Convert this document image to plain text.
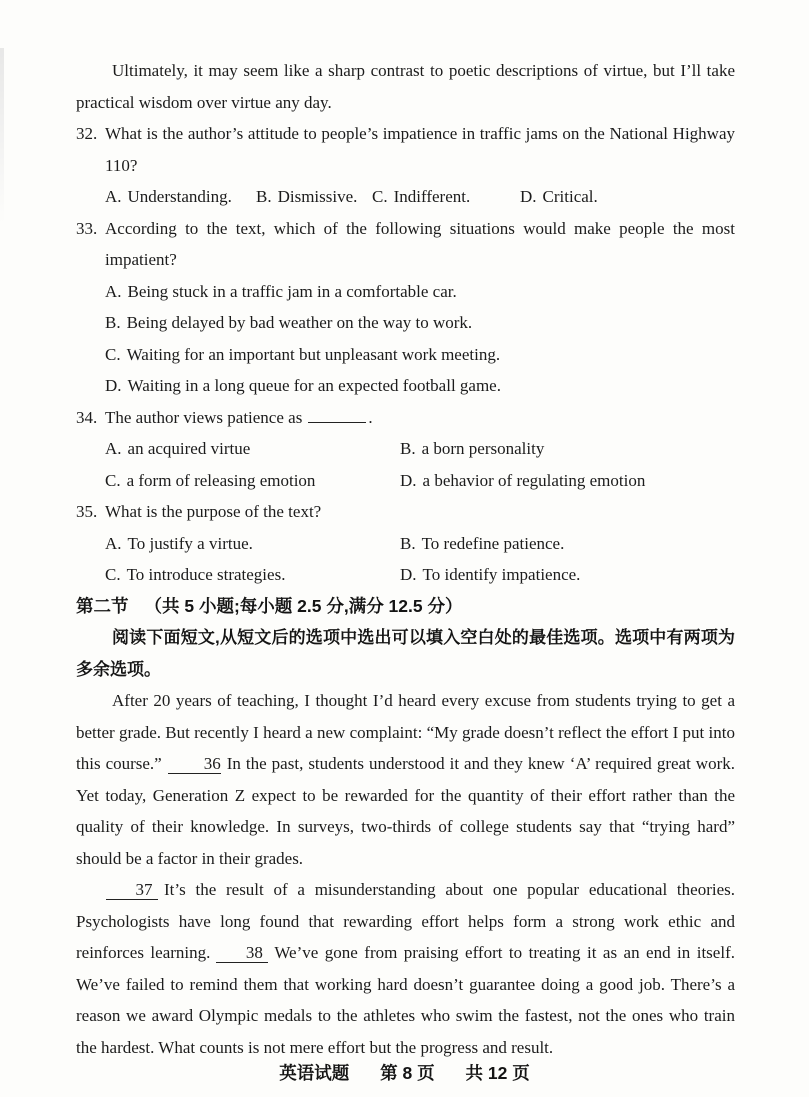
Ultimately, it may seem like a sharp contrast to poetic descriptions of virtue, but I’ll take practical wisdom over virtue any day.

32. What is the author’s attitude to people’s impatience in traffic jams on the National Highway 110?

A. Understanding.	B. Dismissive. C. Indifferent.	D. Critical.

33. According to the text, which of the following situations would make people the most impatient?

A. Being stuck in a traffic jam in a comfortable car.

B. Being delayed by bad weather on the way to work.

C. Waiting for an important but unpleasant work meeting.

D. Waiting in a long queue for an expected football game.

34. The author views patience as	.

A. an acquired virtue	B. a born personality
C. a form of releasing emotion	D. a behavior of regulating emotion

35. What is the purpose of the text?

A. To justify a virtue.	B. To redefine patience.
C. To introduce strategies.	D. To identify impatience.

第二节 （共 5 小题;每小题 2.5 分,满分 12.5 分）

阅读下面短文,从短文后的选项中选出可以填入空白处的最佳选项。选项中有两项为多余选项。

After 20 years of teaching, I thought I’d heard every excuse from students trying to get a better grade. But recently I heard a new complaint: “My grade doesn’t reflect the effort I put into this course.” 36 In the past, students understood it and they knew ‘A’ required great work. Yet today, Generation Z expect to be rewarded for the quantity of their effort rather than the quality of their knowledge. In surveys, two-thirds of college students say that “trying hard” should be a factor in their grades.

37 It’s the result of a misunderstanding about one popular educational theories. Psychologists have long found that rewarding effort helps form a strong work ethic and reinforces learning. 38 We’ve gone from praising effort to treating it as an end in itself. We’ve failed to remind them that working hard doesn’t guarantee doing a good job. There’s a reason we award Olympic medals to the athletes who swim the fastest, not the ones who train the hardest. What counts is not mere effort but the progress and result.

英语试题 第 8 页 共 12 页
